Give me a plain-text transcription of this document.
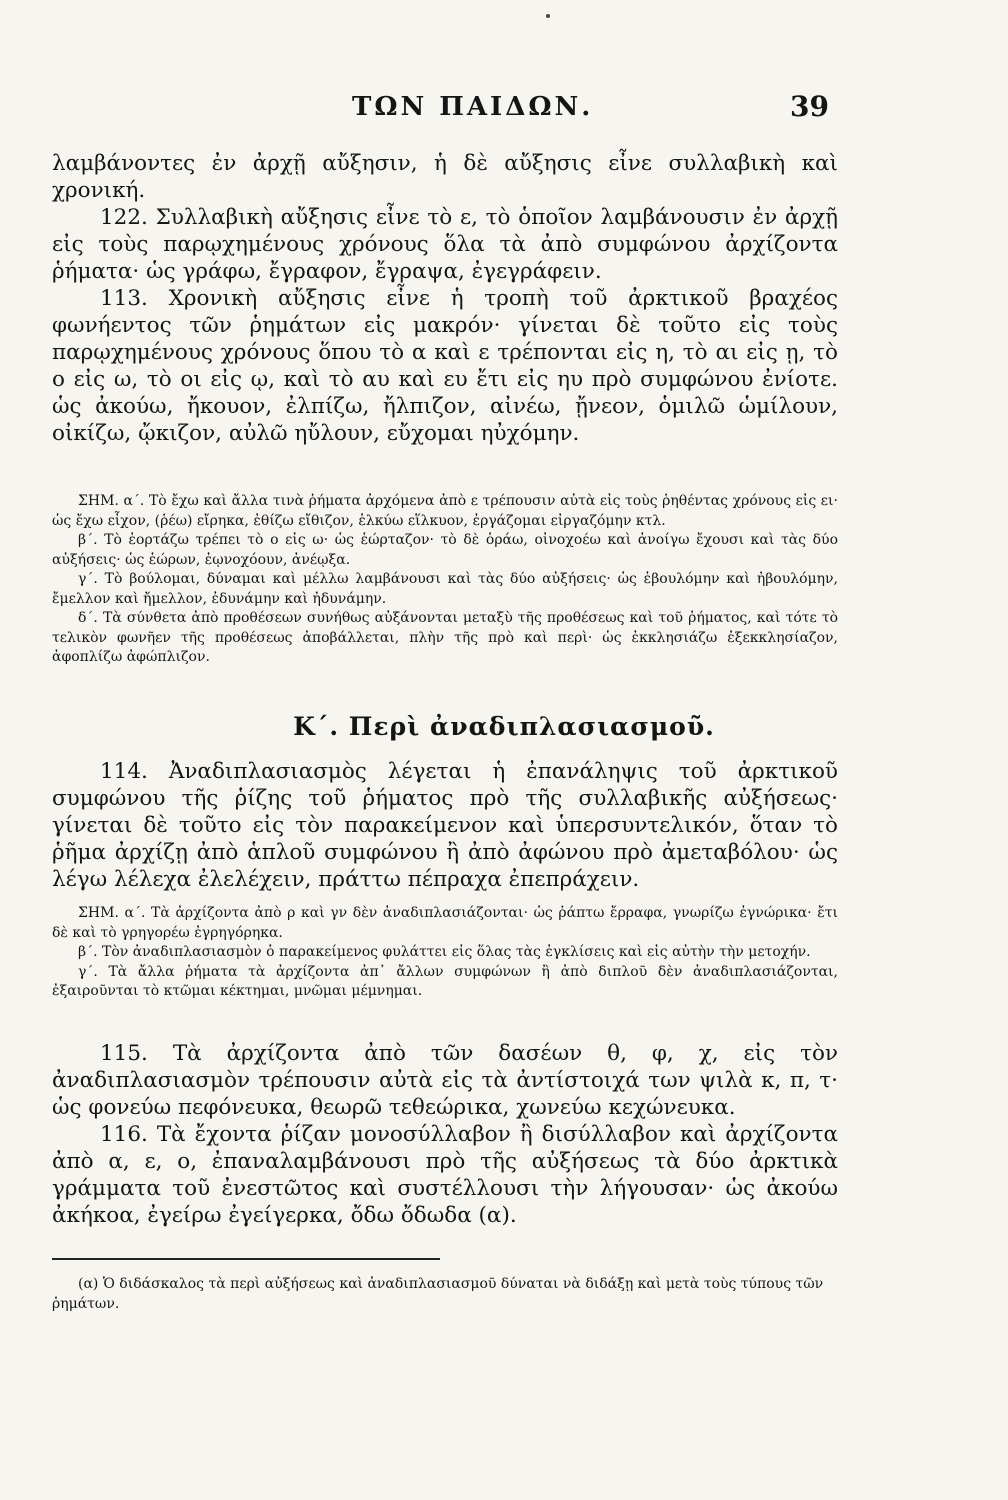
ΤΩΝ ΠΑΙΔΩΝ.	39

λαμβάνοντες ἐν ἀρχῇ αὔξησιν, ἡ δὲ αὔξησις εἶνε συλλαβικὴ καὶ χρονική.

122. Συλλαβικὴ αὔξησις εἶνε τὸ ε, τὸ ὁποῖον λαμβάνουσιν ἐν ἀρχῇ εἰς τοὺς παρῳχημένους χρόνους ὅλα τὰ ἀπὸ συμφώνου ἀρχίζοντα ῥήματα· ὡς γράφω, ἔγραφον, ἔγραψα, ἐγεγράφειν.

113. Χρονικὴ αὔξησις εἶνε ἡ τροπὴ τοῦ ἀρκτικοῦ βραχέος φωνήεντος τῶν ῥημάτων εἰς μακρόν· γίνεται δὲ τοῦτο εἰς τοὺς παρῳχημένους χρόνους ὅπου τὸ α καὶ ε τρέπονται εἰς η, τὸ αι εἰς ῃ, τὸ ο εἰς ω, τὸ οι εἰς ῳ, καὶ τὸ αυ καὶ ευ ἔτι εἰς ηυ πρὸ συμφώνου ἐνίοτε. ὡς ἀκούω, ἤκουον, ἐλπίζω, ἤλπιζον, αἰνέω, ᾔνεον, ὁμιλῶ ὡμίλουν, οἰκίζω, ᾤκιζον, αὐλῶ ηὔλουν, εὔχομαι ηὐχόμην.

ΣΗΜ. α΄. Τὸ ἔχω καὶ ἄλλα τινὰ ῥήματα ἀρχόμενα ἀπὸ ε τρέπουσιν αὐτὰ εἰς τοὺς ῥηθέντας χρόνους εἰς ει· ὡς ἔχω εἶχον, (ῥέω) εἴρηκα, ἐθίζω εἴθιζον, ἑλκύω εἵλκυον, ἐργάζομαι εἰργαζόμην κτλ.

β΄. Τὸ ἑορτάζω τρέπει τὸ ο εἰς ω· ὡς ἑώρταζον· τὸ δὲ ὁράω, οἰνοχοέω καὶ ἀνοίγω ἔχουσι καὶ τὰς δύο αὐξήσεις· ὡς ἑώρων, ἐῳνοχόουν, ἀνέῳξα.

γ΄. Τὸ βούλομαι, δύναμαι καὶ μέλλω λαμβάνουσι καὶ τὰς δύο αὐξήσεις· ὡς ἐβουλόμην καὶ ἠβουλόμην, ἔμελλον καὶ ἤμελλον, ἐδυνάμην καὶ ἠδυνάμην.

δ΄. Τὰ σύνθετα ἀπὸ προθέσεων συνήθως αὐξάνονται μεταξὺ τῆς προθέσεως καὶ τοῦ ῥήματος, καὶ τότε τὸ τελικὸν φωνῆεν τῆς προθέσεως ἀποβάλλεται, πλὴν τῆς πρὸ καὶ περὶ· ὡς ἐκκλησιάζω ἐξεκκλησίαζον, ἀφοπλίζω ἀφώπλιζον.

Κ΄. Περὶ ἀναδιπλασιασμοῦ.

114. Ἀναδιπλασιασμὸς λέγεται ἡ ἐπανάληψις τοῦ ἀρκτικοῦ συμφώνου τῆς ῥίζης τοῦ ῥήματος πρὸ τῆς συλλαβικῆς αὐξήσεως· γίνεται δὲ τοῦτο εἰς τὸν παρακείμενον καὶ ὑπερσυντελικόν, ὅταν τὸ ῥῆμα ἀρχίζῃ ἀπὸ ἁπλοῦ συμφώνου ἢ ἀπὸ ἀφώνου πρὸ ἀμεταβόλου· ὡς λέγω λέλεχα ἐλελέχειν, πράττω πέπραχα ἐπεπράχειν.

ΣΗΜ. α΄. Τὰ ἀρχίζοντα ἀπὸ ρ καὶ γν δὲν ἀναδιπλασιάζονται· ὡς ῥάπτω ἔρραφα, γνωρίζω ἐγνώρικα· ἔτι δὲ καὶ τὸ γρηγορέω ἐγρηγόρηκα.

β΄. Τὸν ἀναδιπλασιασμὸν ὁ παρακείμενος φυλάττει εἰς ὅλας τὰς ἐγκλίσεις καὶ εἰς αὐτὴν τὴν μετοχήν.

γ΄. Τὰ ἄλλα ῥήματα τὰ ἀρχίζοντα ἀπ᾿ ἄλλων συμφώνων ἢ ἀπὸ διπλοῦ δὲν ἀναδιπλασιάζονται, ἐξαιροῦνται τὸ κτῶμαι κέκτημαι, μνῶμαι μέμνημαι.

115. Τὰ ἀρχίζοντα ἀπὸ τῶν δασέων θ, φ, χ, εἰς τὸν ἀναδιπλασιασμὸν τρέπουσιν αὐτὰ εἰς τὰ ἀντίστοιχά των ψιλὰ κ, π, τ· ὡς φονεύω πεφόνευκα, θεωρῶ τεθεώρικα, χωνεύω κεχώνευκα.

116. Τὰ ἔχοντα ῥίζαν μονοσύλλαβον ἢ δισύλλαβον καὶ ἀρχίζοντα ἀπὸ α, ε, ο, ἐπαναλαμβάνουσι πρὸ τῆς αὐξήσεως τὰ δύο ἀρκτικὰ γράμματα τοῦ ἐνεστῶτος καὶ συστέλλουσι τὴν λήγουσαν· ὡς ἀκούω ἀκήκοα, ἐγείρω ἐγείγερκα, ὄδω ὄδωδα (α).

(α) Ὁ διδάσκαλος τὰ περὶ αὐξήσεως καὶ ἀναδιπλασιασμοῦ δύναται νὰ διδάξῃ καὶ μετὰ τοὺς τύπους τῶν ῥημάτων.
